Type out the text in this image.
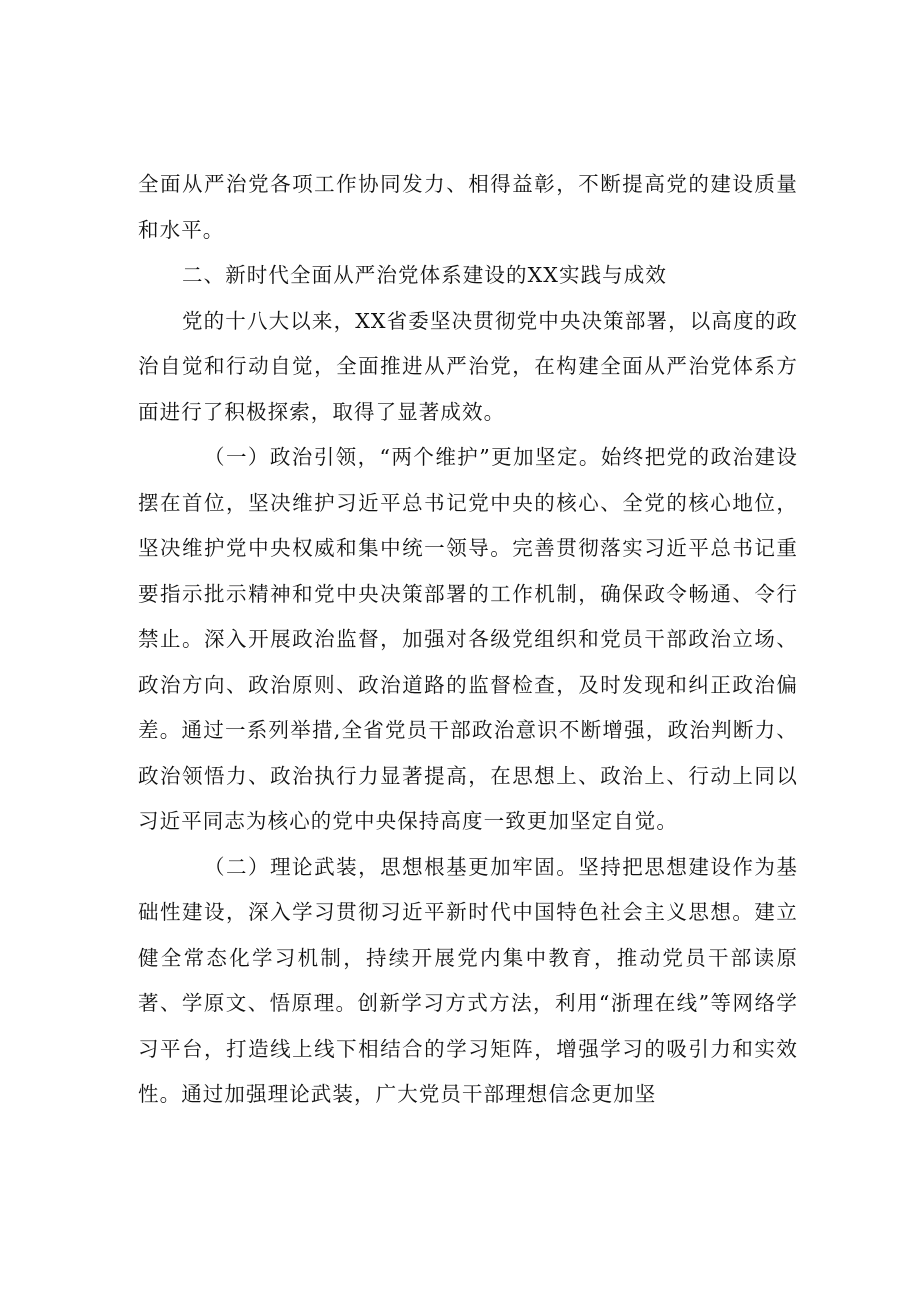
全面从严治党各项工作协同发力、相得益彰，不断提高党的建设质量和水平。

二、新时代全面从严治党体系建设的XX实践与成效

党的十八大以来，XX省委坚决贯彻党中央决策部署，以高度的政治自觉和行动自觉，全面推进从严治党，在构建全面从严治党体系方面进行了积极探索，取得了显著成效。

（一）政治引领，“两个维护”更加坚定。始终把党的政治建设摆在首位，坚决维护习近平总书记党中央的核心、全党的核心地位，坚决维护党中央权威和集中统一领导。完善贯彻落实习近平总书记重要指示批示精神和党中央决策部署的工作机制，确保政令畅通、令行禁止。深入开展政治监督，加强对各级党组织和党员干部政治立场、政治方向、政治原则、政治道路的监督检查，及时发现和纠正政治偏差。通过一系列举措,全省党员干部政治意识不断增强，政治判断力、政治领悟力、政治执行力显著提高，在思想上、政治上、行动上同以习近平同志为核心的党中央保持高度一致更加坚定自觉。

（二）理论武装，思想根基更加牢固。坚持把思想建设作为基础性建设，深入学习贯彻习近平新时代中国特色社会主义思想。建立健全常态化学习机制，持续开展党内集中教育，推动党员干部读原著、学原文、悟原理。创新学习方式方法，利用“浙理在线”等网络学习平台，打造线上线下相结合的学习矩阵，增强学习的吸引力和实效性。通过加强理论武装，广大党员干部理想信念更加坚
